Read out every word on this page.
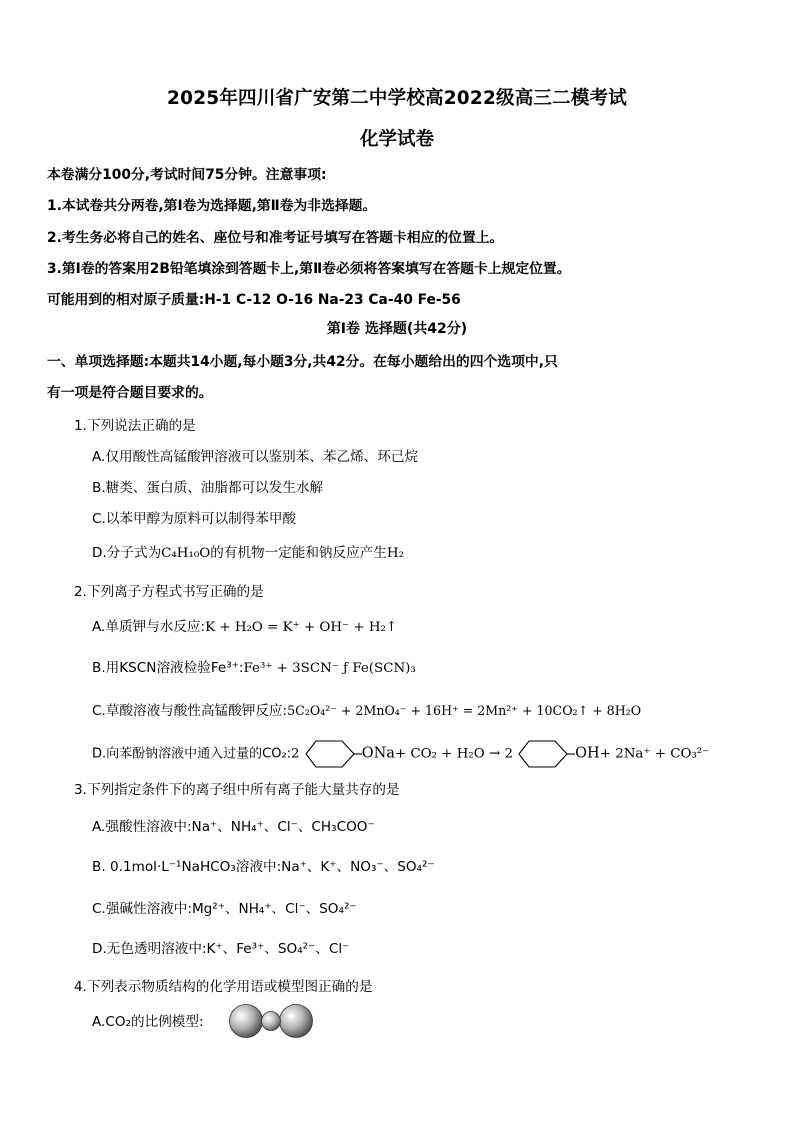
2025年四川省广安第二中学校高2022级高三二模考试
化学试卷
本卷满分100分,考试时间75分钟。注意事项:
1.本试卷共分两卷,第Ⅰ卷为选择题,第Ⅱ卷为非选择题。
2.考生务必将自己的姓名、座位号和准考证号填写在答题卡相应的位置上。
3.第Ⅰ卷的答案用2B铅笔填涂到答题卡上,第Ⅱ卷必须将答案填写在答题卡上规定位置。
可能用到的相对原子质量:H-1 C-12 O-16 Na-23 Ca-40 Fe-56
第Ⅰ卷 选择题(共42分)
一、单项选择题:本题共14小题,每小题3分,共42分。在每小题给出的四个选项中,只
有一项是符合题目要求的。
1.下列说法正确的是
A.仅用酸性高锰酸钾溶液可以鉴别苯、苯乙烯、环己烷
B.糖类、蛋白质、油脂都可以发生水解
C.以苯甲醇为原料可以制得苯甲酸
D.分子式为C₄H₁₀O的有机物一定能和钠反应产生H₂
2.下列离子方程式书写正确的是
A.单质钾与水反应:K + H₂O = K⁺ + OH⁻ + H₂↑
B.用KSCN溶液检验Fe³⁺:Fe³⁺ + 3SCN⁻ ƒ Fe(SCN)₃
C.草酸溶液与酸性高锰酸钾反应:5C₂O₄²⁻ + 2MnO₄⁻ + 16H⁺ = 2Mn²⁺ + 10CO₂↑ + 8H₂O
D.向苯酚钠溶液中通入过量的CO₂:2	ONa+ CO₂ + H₂O → 2	OH+ 2Na⁺ + CO₃²⁻
3.下列指定条件下的离子组中所有离子能大量共存的是
A.强酸性溶液中:Na⁺、NH₄⁺、Cl⁻、CH₃COO⁻
B. 0.1mol·L⁻¹NaHCO₃溶液中:Na⁺、K⁺、NO₃⁻、SO₄²⁻
C.强碱性溶液中:Mg²⁺、NH₄⁺、Cl⁻、SO₄²⁻
D.无色透明溶液中:K⁺、Fe³⁺、SO₄²⁻、Cl⁻
4.下列表示物质结构的化学用语或模型图正确的是
A.CO₂的比例模型:
